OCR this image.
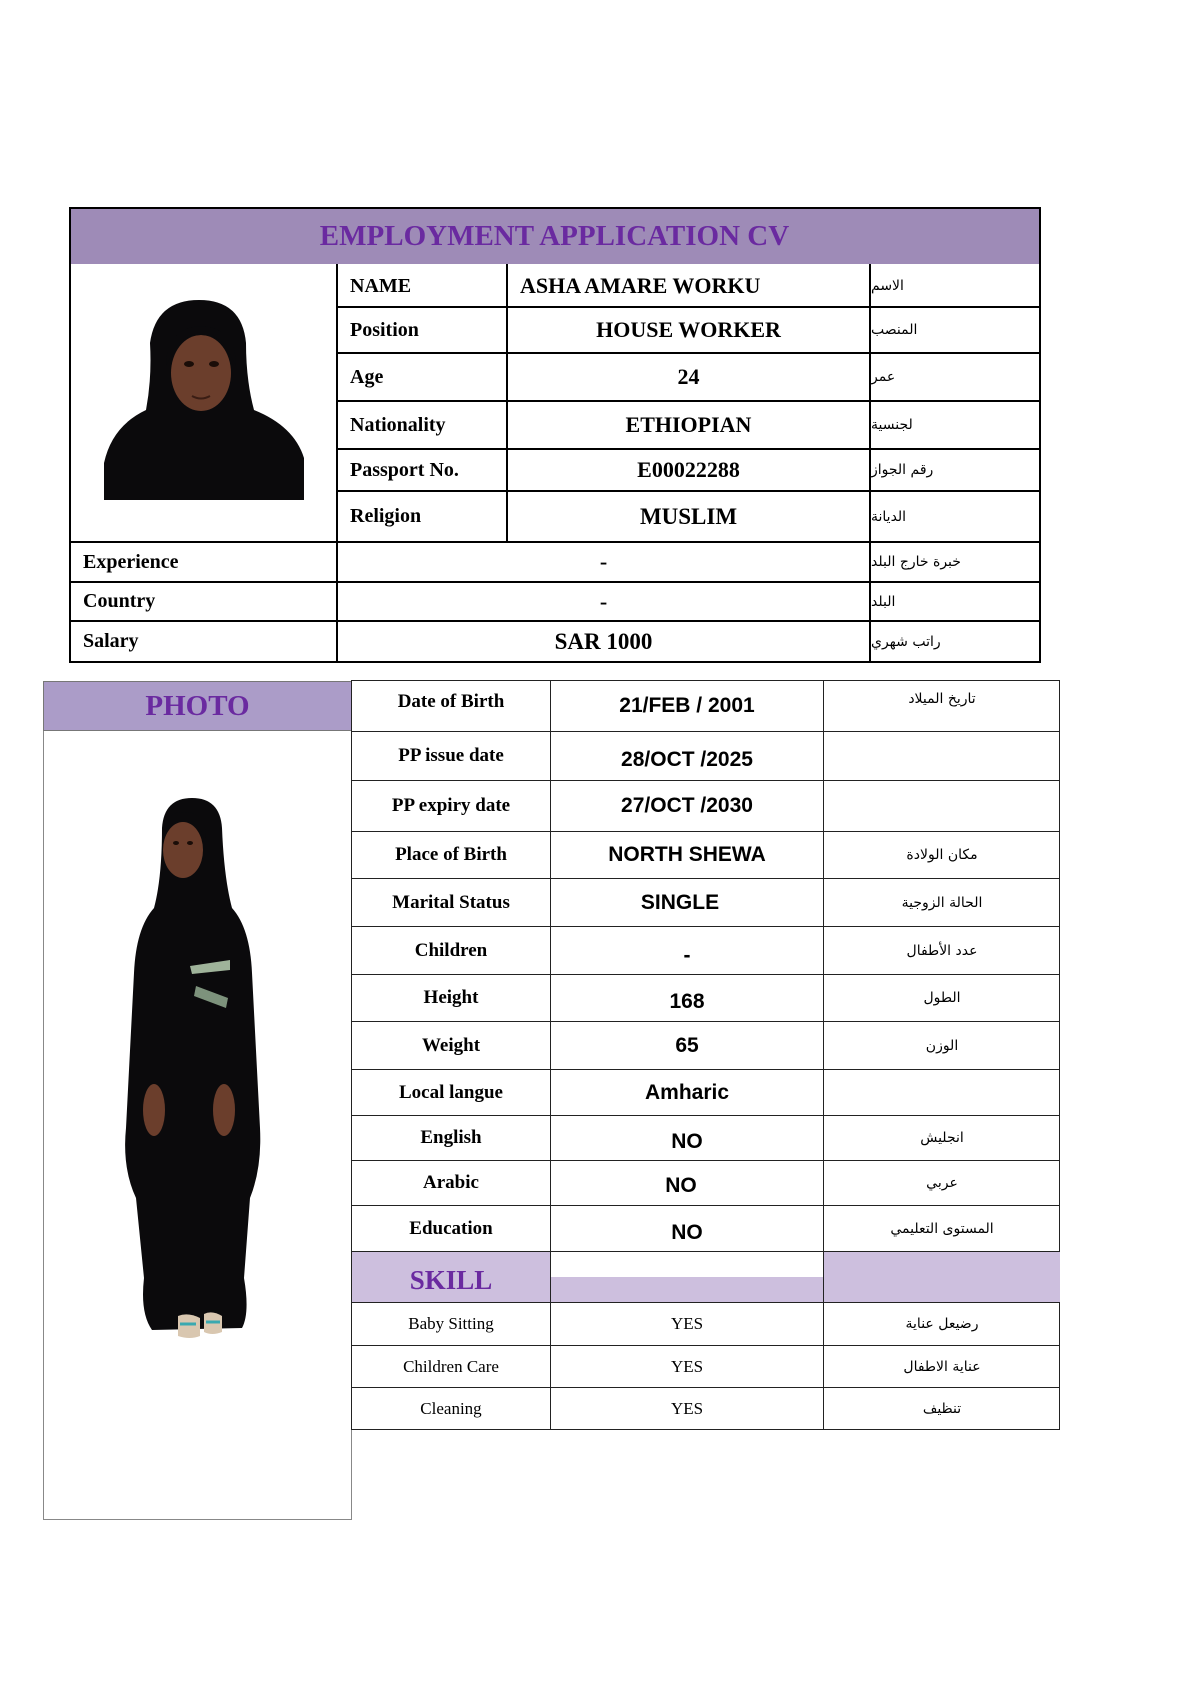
EMPLOYMENT APPLICATION CV
NAME	ASHA AMARE WORKU	الاسم
Position	HOUSE WORKER	المنصب
Age	24	عمر
Nationality	ETHIOPIAN	لجنسية
Passport No.	E00022288	رقم الجواز
Religion	MUSLIM	الديانة
Experience	-	خبرة خارج البلد
Country	-	البلد
Salary	SAR 1000	راتب شهري
PHOTO	Date of Birth	21/FEB / 2001	تاريخ الميلاد
PP issue date	28/OCT /2025
PP expiry date	27/OCT /2030
Place of Birth	NORTH SHEWA	مكان الولادة
Marital Status	SINGLE	الحالة الزوجية
Children	-	عدد الأطفال
Height	168	الطول
Weight	65	الوزن
Local langue	Amharic
English	NO	انجليش
Arabic	NO	عربي
Education	NO	المستوى التعليمي
SKILL
Baby Sitting	YES	رضيعل عناية
Children Care	YES	عناية الاطفال
Cleaning	YES	تنظيف
